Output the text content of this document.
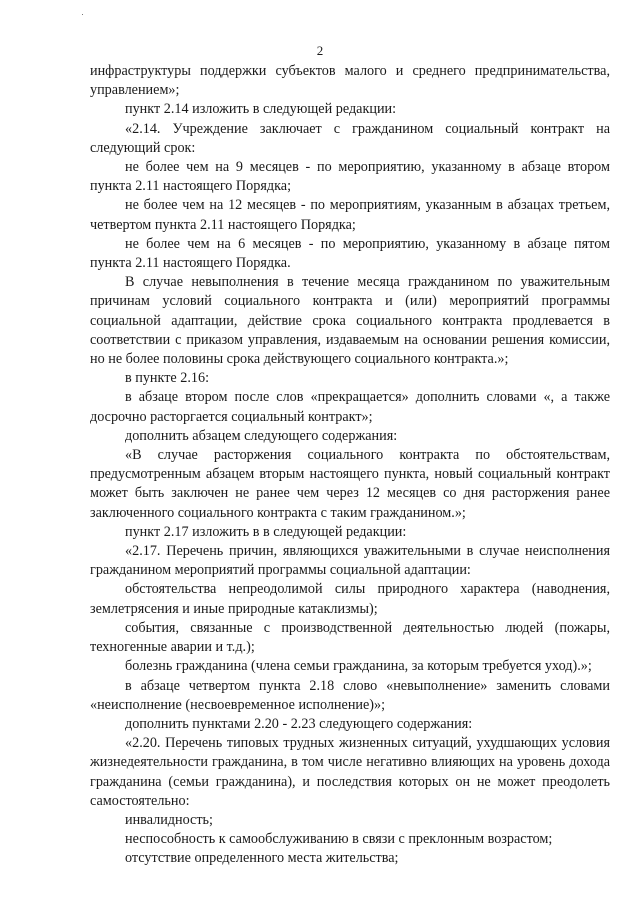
2

инфраструктуры поддержки субъектов малого и среднего предпринимательства, управлением»;

пункт 2.14 изложить в следующей редакции:

«2.14. Учреждение заключает с гражданином социальный контракт на следующий срок:

не более чем на 9 месяцев - по мероприятию, указанному в абзаце втором пункта 2.11 настоящего Порядка;

не более чем на 12 месяцев - по мероприятиям, указанным в абзацах третьем, четвертом пункта 2.11 настоящего Порядка;

не более чем на 6 месяцев - по мероприятию, указанному в абзаце пятом пункта 2.11 настоящего Порядка.

В случае невыполнения в течение месяца гражданином по уважительным причинам условий социального контракта и (или) мероприятий программы социальной адаптации, действие срока социального контракта продлевается в соответствии с приказом управления, издаваемым на основании решения комиссии, но не более половины срока действующего социального контракта.»;

в пункте 2.16:

в абзаце втором после слов «прекращается» дополнить словами «, а также досрочно расторгается социальный контракт»;

дополнить абзацем следующего содержания:

«В случае расторжения социального контракта по обстоятельствам, предусмотренным абзацем вторым настоящего пункта, новый социальный контракт может быть заключен не ранее чем через 12 месяцев со дня расторжения ранее заключенного социального контракта с таким гражданином.»;

пункт 2.17 изложить в в следующей редакции:

«2.17. Перечень причин, являющихся уважительными в случае неисполнения гражданином мероприятий программы социальной адаптации:

обстоятельства непреодолимой силы природного характера (наводнения, землетрясения и иные природные катаклизмы);

события, связанные с производственной деятельностью людей (пожары, техногенные аварии и т.д.);

болезнь гражданина (члена семьи гражданина, за которым требуется уход).»;

в абзаце четвертом пункта 2.18 слово «невыполнение» заменить словами «неисполнение (несвоевременное исполнение)»;

дополнить пунктами 2.20 - 2.23 следующего содержания:

«2.20. Перечень типовых трудных жизненных ситуаций, ухудшающих условия жизнедеятельности гражданина, в том числе негативно влияющих на уровень дохода гражданина (семьи гражданина), и последствия которых он не может преодолеть самостоятельно:

инвалидность;

неспособность к самообслуживанию в связи с преклонным возрастом;

отсутствие определенного места жительства;
